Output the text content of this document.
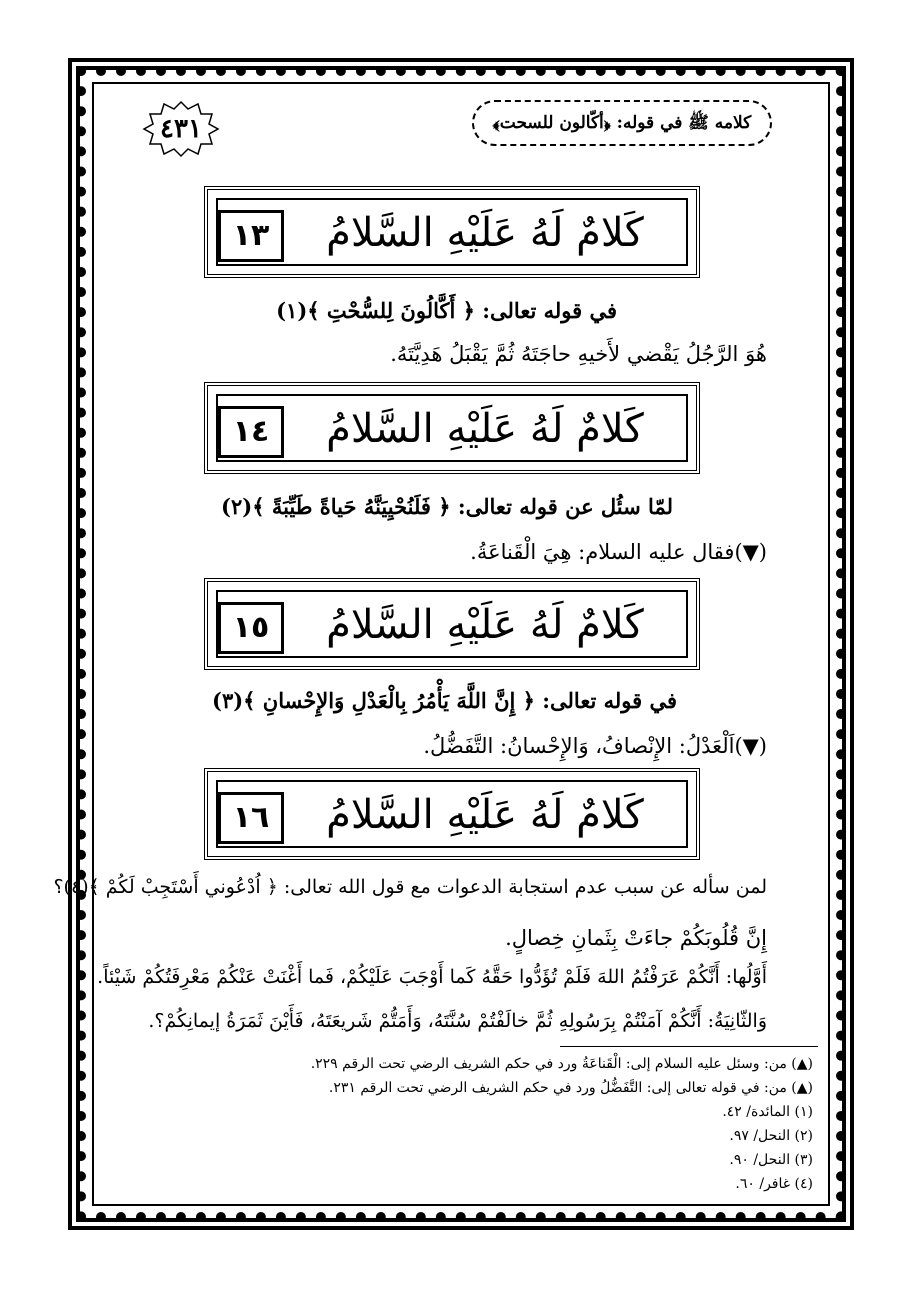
٤٣١	كلامه ﷺ في قوله: ﴿أكّالون للسحت﴾
١٣	كَلامٌ لَهُ عَلَيْهِ السَّلامُ
في قوله تعالى: ﴿ أَكَّالُونَ لِلسُّحْتِ ﴾(١)
هُوَ الرَّجُلُ يَقْضي لأَخيهِ حاجَتَهُ ثُمَّ يَقْبَلُ هَدِيَّتَهُ.
١٤	كَلامٌ لَهُ عَلَيْهِ السَّلامُ
لمّا سئُل عن قوله تعالى: ﴿ فَلَنُحْيِيَنَّهُ حَياةً طَيِّبَةً ﴾(٢)
(▼)فقال عليه السلام: هِيَ الْقَناعَةُ.
١٥	كَلامٌ لَهُ عَلَيْهِ السَّلامُ
في قوله تعالى: ﴿ إِنَّ اللَّهَ يَأْمُرُ بِالْعَدْلِ وَالإِحْسانِ ﴾(٣)
(▼)اَلْعَدْلُ: الإِنْصافُ، وَالإِحْسانُ: التَّفَضُّلُ.
١٦	كَلامٌ لَهُ عَلَيْهِ السَّلامُ
لمن سأله عن سبب عدم استجابة الدعوات مع قول الله تعالى: ﴿ اُدْعُوني أَسْتَجِبْ لَكُمْ ﴾(٤)؟
إِنَّ قُلُوبَكُمْ جاءَتْ بِثَمانِ خِصالٍ.
أَوَّلُها: أَنَّكُمْ عَرَفْتُمُ اللهَ فَلَمْ تُؤَدُّوا حَقَّهُ كَما أَوْجَبَ عَلَيْكُمْ، فَما أَغْنَتْ عَنْكُمْ مَعْرِفَتُكُمْ شَيْئاً.
وَالثّانِيَةُ: أَنَّكُمْ آمَنْتُمْ بِرَسُولِهِ ثُمَّ خالَفْتُمْ سُنَّتَهُ، وَأَمَتُّمْ شَريعَتَهُ، فَأَيْنَ ثَمَرَةُ إيمانِكُمْ؟.
(▲) من: وسئل عليه السلام إلى: الْقَناعَةُ ورد في حكم الشريف الرضي تحت الرقم ٢٢٩.
(▲) من: في قوله تعالى إلى: التَّفَضُّلُ ورد في حكم الشريف الرضي تحت الرقم ٢٣١.
(١) المائدة/ ٤٢.
(٢) النحل/ ٩٧.
(٣) النحل/ ٩٠.
(٤) غافر/ ٦٠.
